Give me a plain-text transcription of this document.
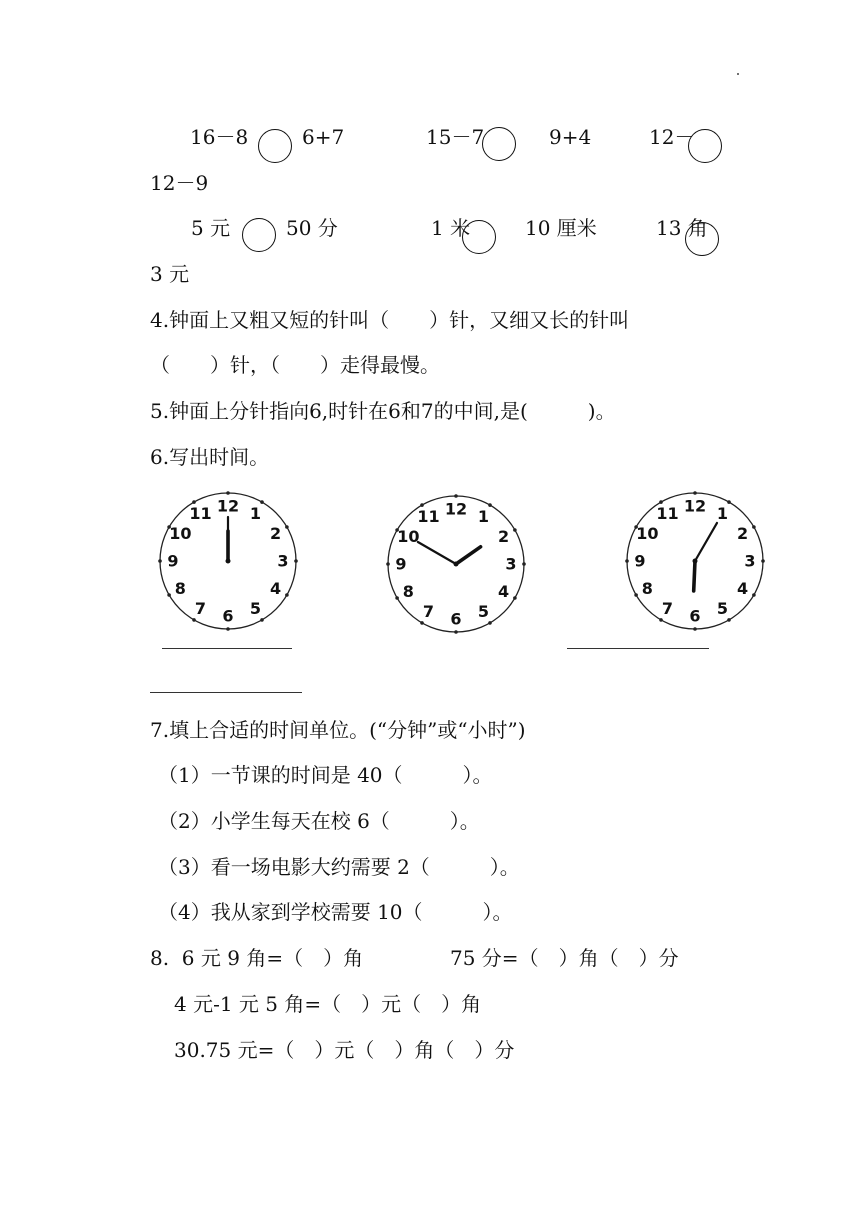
16－8	6+7	15－7	9+4	12－
12－9
5 元	50 分	1 米	10 厘米	13 角
3 元
4.钟面上又粗又短的针叫（　　）针，又细又长的针叫
（　　）针，（　　）走得最慢。
5.钟面上分针指向6,时针在6和7的中间,是(　　　)。
6.写出时间。
12 1
2
3
4
5
6
7
8
9
10
11	12 1
2
3
4
5
6
7
8
9
10
11
12 1
2
3
4
5
6
7
8
9
10
11
7.填上合适的时间单位。(“分钟”或“小时”)
（1）一节课的时间是 40（　　　）。
（2）小学生每天在校 6（　　　）。
（3）看一场电影大约需要 2（　　　）。
（4）我从家到学校需要 10（　　　）。
8.  6 元 9 角=（　）角	75 分=（　）角（　）分
4 元-1 元 5 角=（　）元（　）角
30.75 元=（　）元（　）角（　）分
